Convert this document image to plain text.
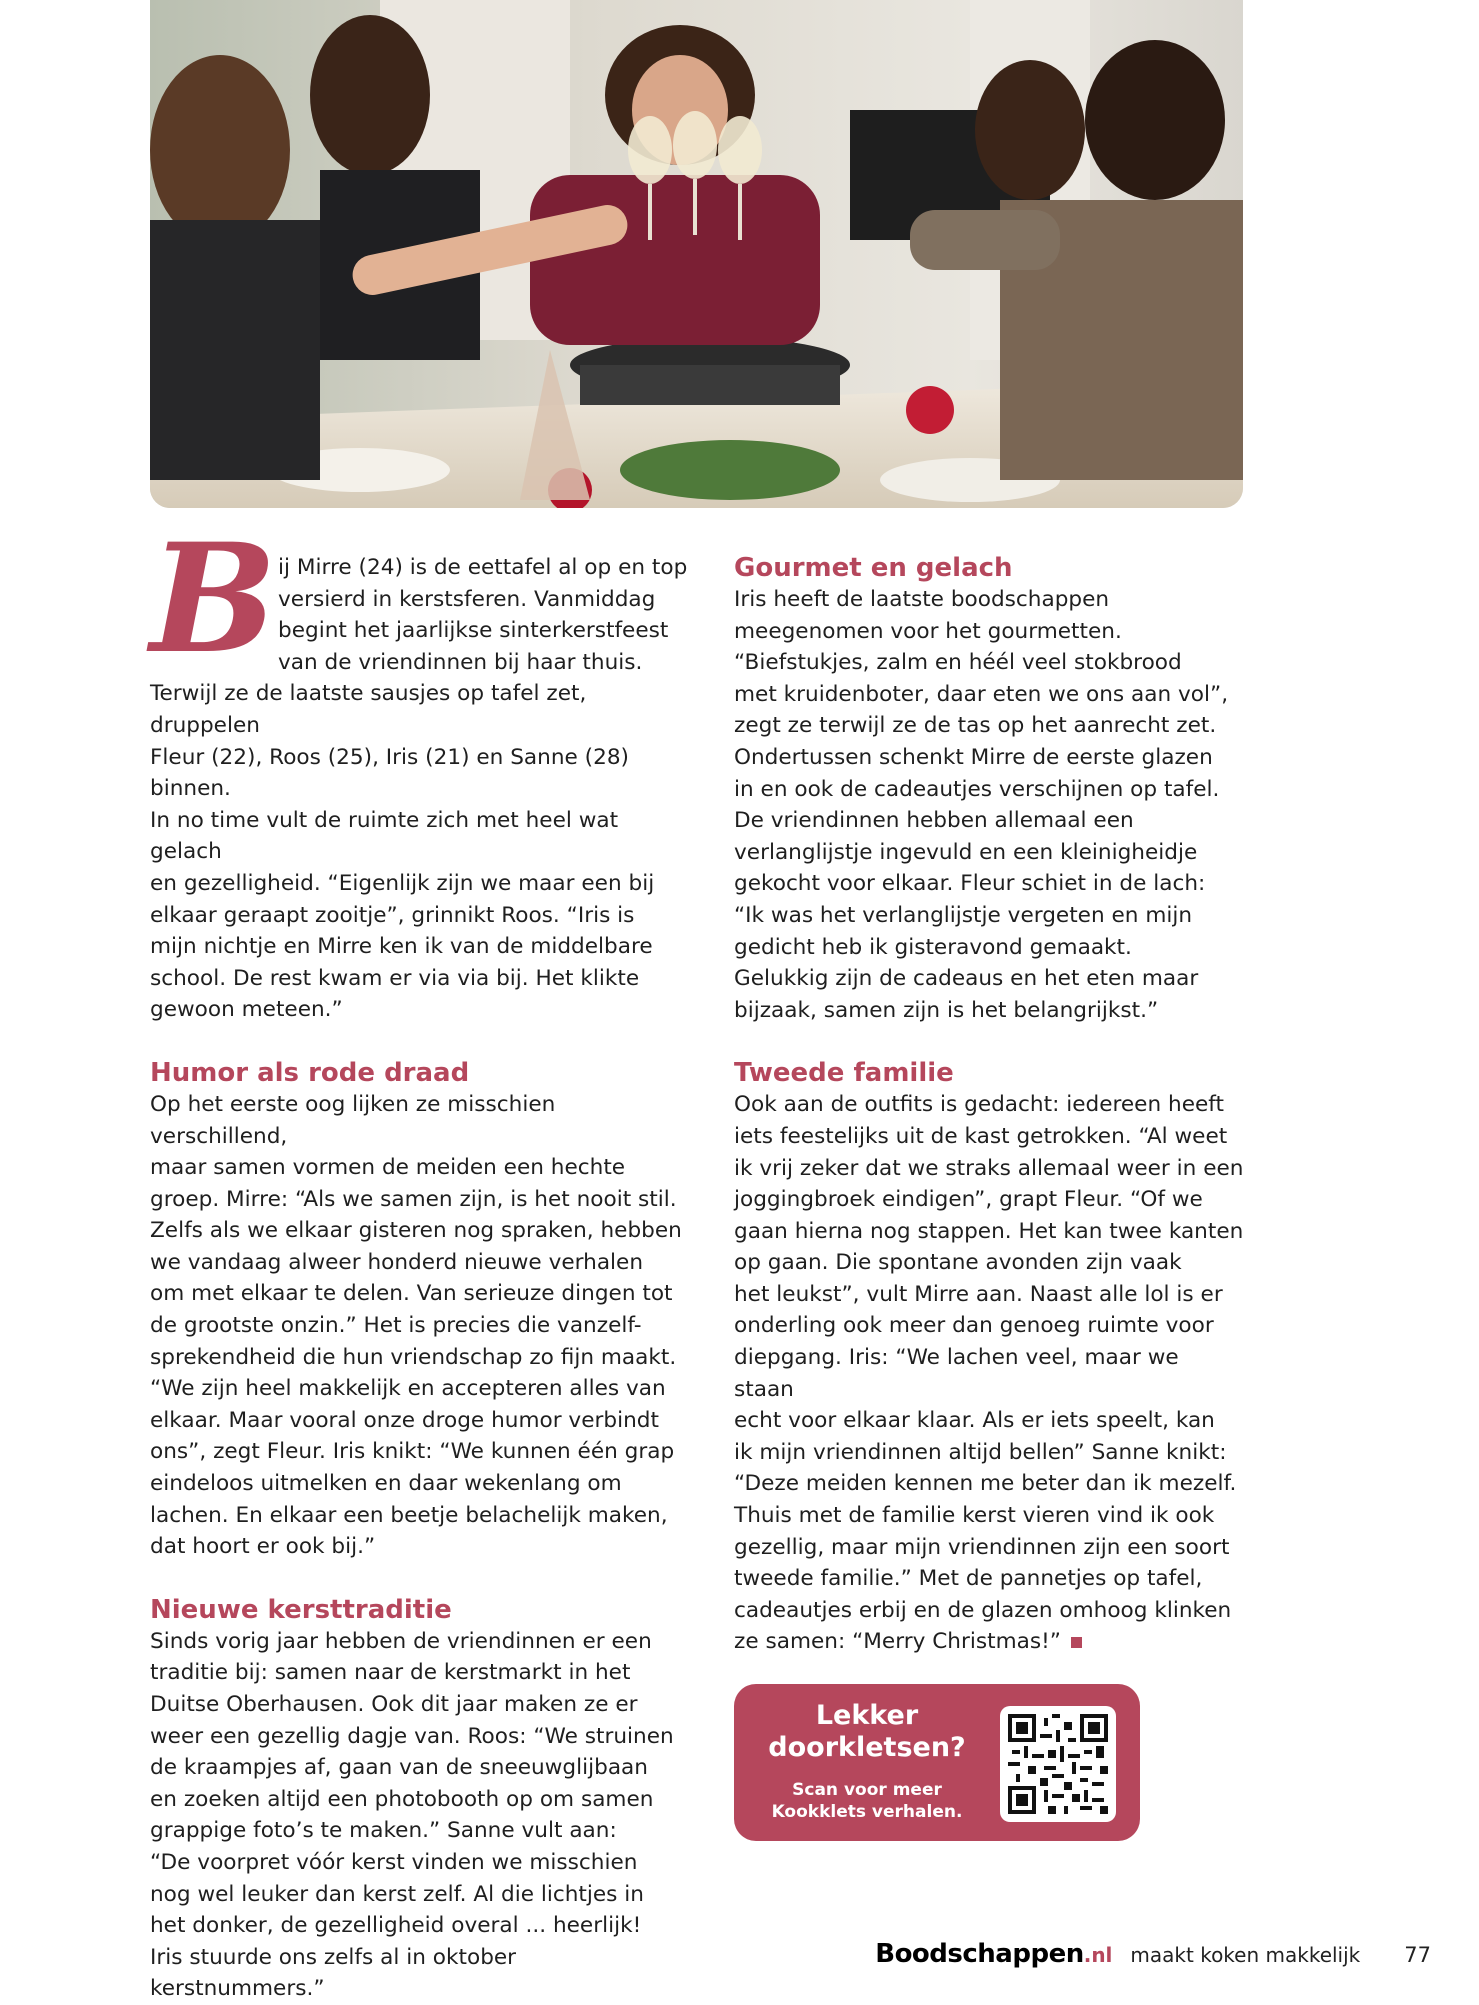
B ij Mirre (24) is de eettafel al op en top
versierd in kerstsferen. Vanmiddag
begint het jaarlijkse sinterkerstfeest
van de vriendinnen bij haar thuis.

Terwijl ze de laatste sausjes op tafel zet, druppelen
Fleur (22), Roos (25), Iris (21) en Sanne (28) binnen.
In no time vult de ruimte zich met heel wat gelach
en gezelligheid. “Eigenlijk zijn we maar een bij
elkaar geraapt zooitje”, grinnikt Roos. “Iris is
mijn nichtje en Mirre ken ik van de middelbare
school. De rest kwam er via via bij. Het klikte
gewoon meteen.”

Humor als rode draad

Op het eerste oog lijken ze misschien verschillend,
maar samen vormen de meiden een hechte
groep. Mirre: “Als we samen zijn, is het nooit stil.
Zelfs als we elkaar gisteren nog spraken, hebben
we vandaag alweer honderd nieuwe verhalen
om met elkaar te delen. Van serieuze dingen tot
de grootste onzin.” Het is precies die vanzelf-
sprekendheid die hun vriendschap zo fijn maakt.
“We zijn heel makkelijk en accepteren alles van
elkaar. Maar vooral onze droge humor verbindt
ons”, zegt Fleur. Iris knikt: “We kunnen één grap
eindeloos uitmelken en daar wekenlang om
lachen. En elkaar een beetje belachelijk maken,
dat hoort er ook bij.”

Nieuwe kersttraditie

Sinds vorig jaar hebben de vriendinnen er een
traditie bij: samen naar de kerstmarkt in het
Duitse Oberhausen. Ook dit jaar maken ze er
weer een gezellig dagje van. Roos: “We struinen
de kraampjes af, gaan van de sneeuwglijbaan
en zoeken altijd een photobooth op om samen
grappige foto’s te maken.” Sanne vult aan:
“De voorpret vóór kerst vinden we misschien
nog wel leuker dan kerst zelf. Al die lichtjes in
het donker, de gezelligheid overal ... heerlijk!
Iris stuurde ons zelfs al in oktober kerstnummers.”

Gourmet en gelach

Iris heeft de laatste boodschappen
meegenomen voor het gourmetten.
“Biefstukjes, zalm en héél veel stokbrood
met kruidenboter, daar eten we ons aan vol”,
zegt ze terwijl ze de tas op het aanrecht zet.
Ondertussen schenkt Mirre de eerste glazen
in en ook de cadeautjes verschijnen op tafel.
De vriendinnen hebben allemaal een
verlanglijstje ingevuld en een kleinigheidje
gekocht voor elkaar. Fleur schiet in de lach:
“Ik was het verlanglijstje vergeten en mijn
gedicht heb ik gisteravond gemaakt.
Gelukkig zijn de cadeaus en het eten maar
bijzaak, samen zijn is het belangrijkst.”

Tweede familie

Ook aan de outfits is gedacht: iedereen heeft
iets feestelijks uit de kast getrokken. “Al weet
ik vrij zeker dat we straks allemaal weer in een
joggingbroek eindigen”, grapt Fleur. “Of we
gaan hierna nog stappen. Het kan twee kanten
op gaan. Die spontane avonden zijn vaak
het leukst”, vult Mirre aan. Naast alle lol is er
onderling ook meer dan genoeg ruimte voor
diepgang. Iris: “We lachen veel, maar we staan
echt voor elkaar klaar. Als er iets speelt, kan
ik mijn vriendinnen altijd bellen” Sanne knikt:
“Deze meiden kennen me beter dan ik mezelf.
Thuis met de familie kerst vieren vind ik ook
gezellig, maar mijn vriendinnen zijn een soort
tweede familie.” Met de pannetjes op tafel,
cadeautjes erbij en de glazen omhoog klinken
ze samen: “Merry Christmas!”

Lekker
doorkletsen?
Scan voor meer
Kookklets verhalen.
Boodschappen.nl maakt koken makkelijk 77
